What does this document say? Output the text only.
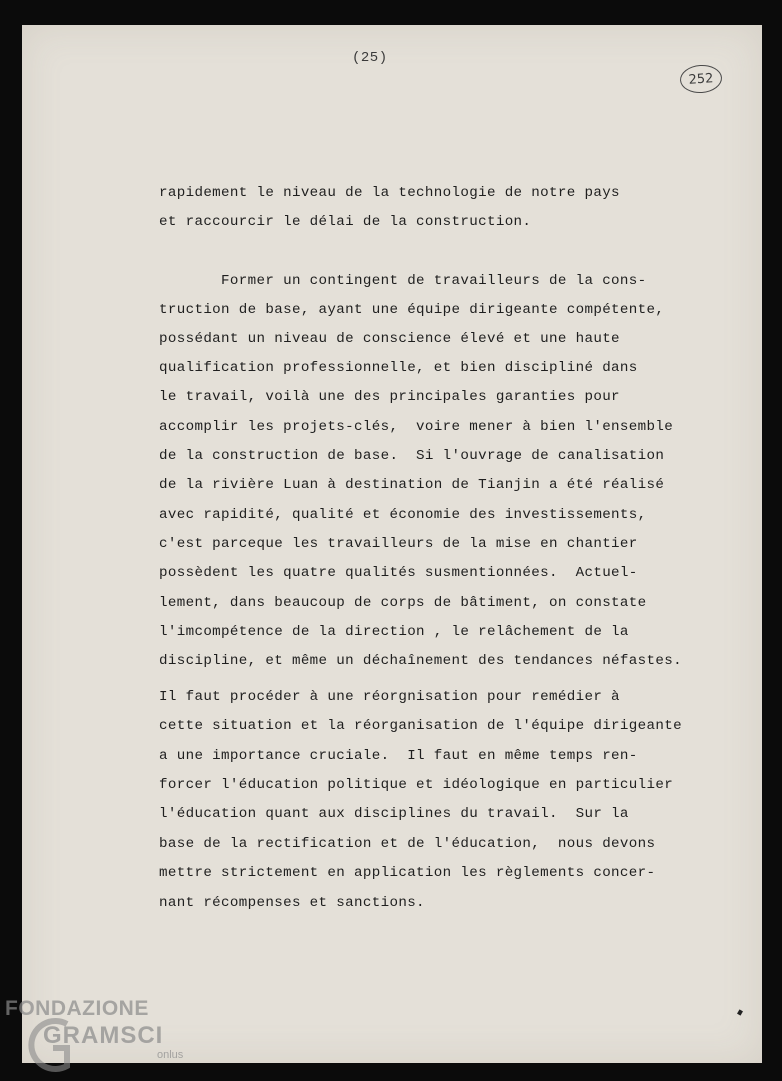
(25)
252
rapidement le niveau de la technologie de notre pays
et raccourcir le délai de la construction.
Former un contingent de travailleurs de la cons-
truction de base, ayant une équipe dirigeante compétente,
possédant un niveau de conscience élevé et une haute
qualification professionnelle, et bien discipliné dans
le travail, voilà une des principales garanties pour
accomplir les projets-clés,  voire mener à bien l'ensemble
de la construction de base.  Si l'ouvrage de canalisation
de la rivière Luan à destination de Tianjin a été réalisé
avec rapidité, qualité et économie des investissements,
c'est parceque les travailleurs de la mise en chantier
possèdent les quatre qualités susmentionnées.  Actuel-
lement, dans beaucoup de corps de bâtiment, on constate
l'imcompétence de la direction , le relâchement de la
discipline, et même un déchaînement des tendances néfastes.
Il faut procéder à une réorgnisation pour remédier à
cette situation et la réorganisation de l'équipe dirigeante
a une importance cruciale.  Il faut en même temps ren-
forcer l'éducation politique et idéologique en particulier
l'éducation quant aux disciplines du travail.  Sur la
base de la rectification et de l'éducation,  nous devons
mettre strictement en application les règlements concer-
nant récompenses et sanctions.
FONDAZIONE
GRAMSCI
onlus
